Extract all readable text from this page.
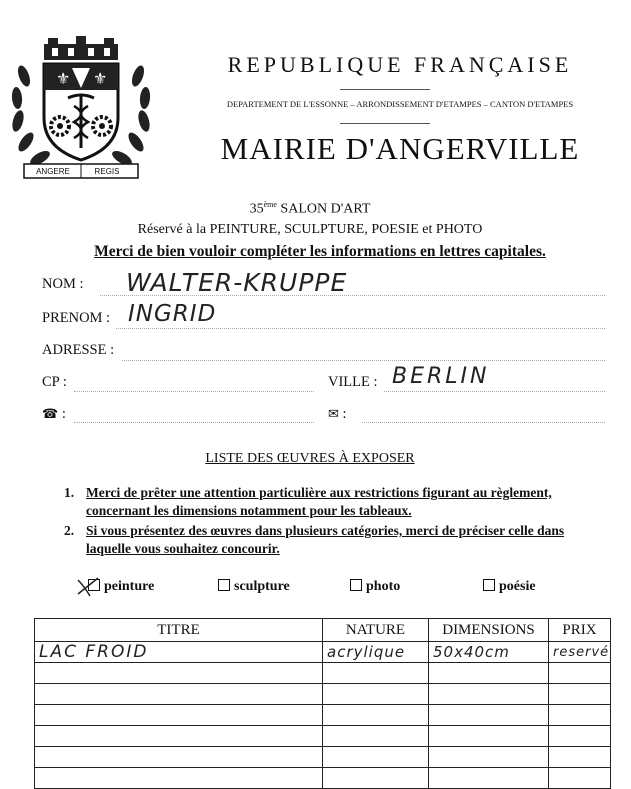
⚜ ⚜
ANGERE	REGIS
REPUBLIQUE FRANÇAISE
DEPARTEMENT DE L'ESSONNE – ARRONDISSEMENT D'ETAMPES – CANTON D'ETAMPES
MAIRIE D'ANGERVILLE
35ème SALON D'ART
Réservé à la PEINTURE, SCULPTURE, POESIE et PHOTO
Merci de bien vouloir compléter les informations en lettres capitales.
NOM : WALTER-KRUPPE
PRENOM : INGRID
ADRESSE :
CP :	VILLE : BERLIN
☎ :	✉ :
LISTE DES ŒUVRES À EXPOSER
1. Merci de prêter une attention particulière aux restrictions figurant au règlement, concernant les dimensions notamment pour les tableaux.
2. Si vous présentez des œuvres dans plusieurs catégories, merci de préciser celle dans laquelle vous souhaitez concourir.
peinture	sculpture	photo	poésie
TITRE	NATURE	DIMENSIONS	PRIX
LAC FROID	acrylique	50x40cm	reservé
